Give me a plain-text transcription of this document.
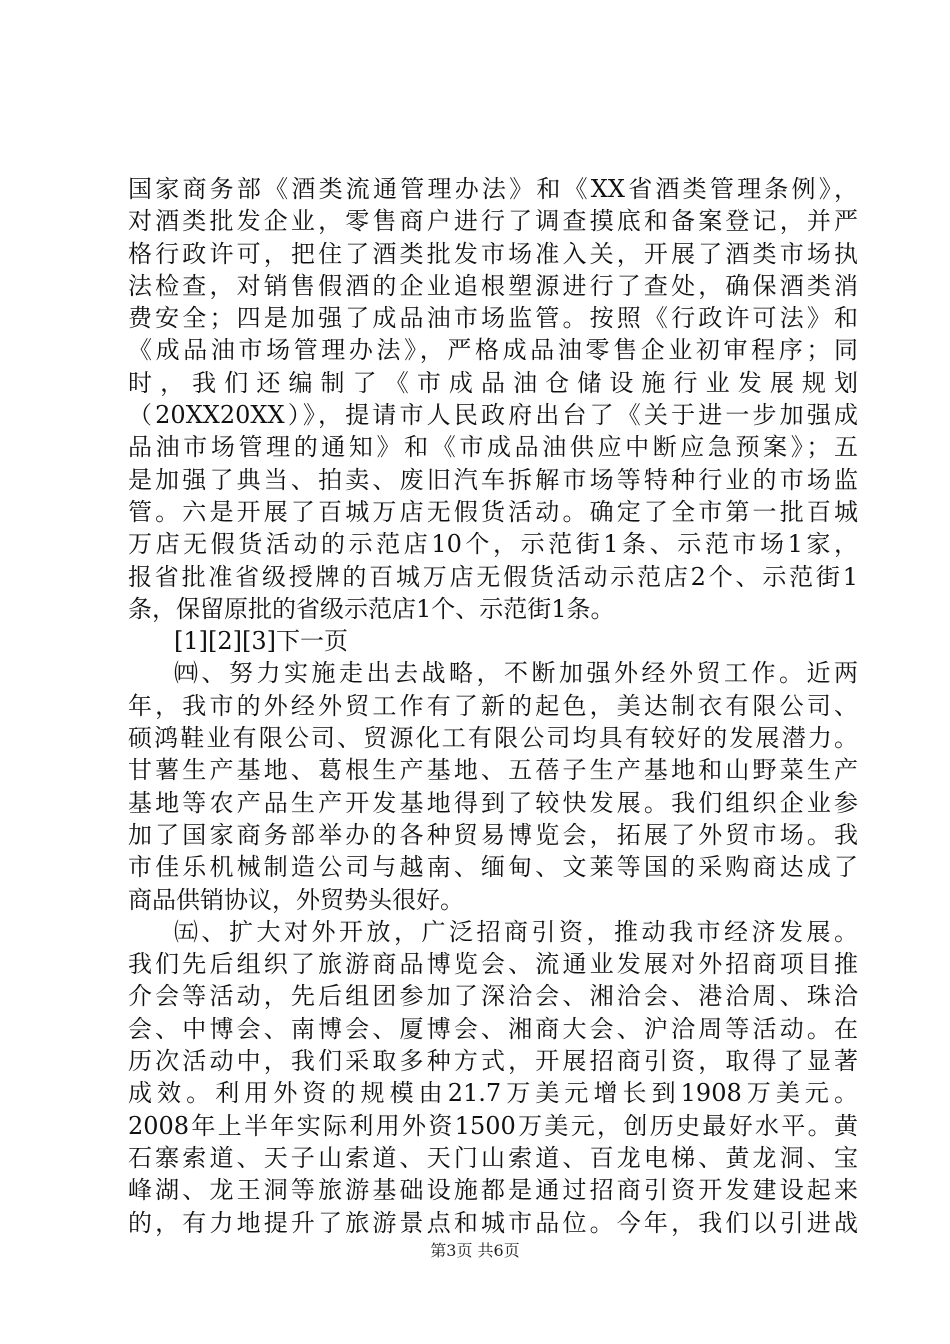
国家商务部《酒类流通管理办法》和《XX省酒类管理条例》，
对酒类批发企业，零售商户进行了调查摸底和备案登记，并严
格行政许可，把住了酒类批发市场准入关，开展了酒类市场执
法检查，对销售假酒的企业追根塑源进行了查处，确保酒类消
费安全；四是加强了成品油市场监管。按照《行政许可法》和
《成品油市场管理办法》，严格成品油零售企业初审程序；同
时，我们还编制了《市成品油仓储设施行业发展规划
（20XX20XX）》，提请市人民政府出台了《关于进一步加强成
品油市场管理的通知》和《市成品油供应中断应急预案》；五
是加强了典当、拍卖、废旧汽车拆解市场等特种行业的市场监
管。六是开展了百城万店无假货活动。确定了全市第一批百城
万店无假货活动的示范店10个，示范街1条、示范市场1家，
报省批准省级授牌的百城万店无假货活动示范店2个、示范街1
条，保留原批的省级示范店1个、示范街1条。
[1][2][3]下一页
㈣、努力实施走出去战略，不断加强外经外贸工作。近两
年，我市的外经外贸工作有了新的起色，美达制衣有限公司、
硕鸿鞋业有限公司、贸源化工有限公司均具有较好的发展潜力。
甘薯生产基地、葛根生产基地、五蓓子生产基地和山野菜生产
基地等农产品生产开发基地得到了较快发展。我们组织企业参
加了国家商务部举办的各种贸易博览会，拓展了外贸市场。我
市佳乐机械制造公司与越南、缅甸、文莱等国的采购商达成了
商品供销协议，外贸势头很好。
㈤、扩大对外开放，广泛招商引资，推动我市经济发展。
我们先后组织了旅游商品博览会、流通业发展对外招商项目推
介会等活动，先后组团参加了深洽会、湘洽会、港洽周、珠洽
会、中博会、南博会、厦博会、湘商大会、沪洽周等活动。在
历次活动中，我们采取多种方式，开展招商引资，取得了显著
成效。利用外资的规模由21.7万美元增长到1908万美元。
2008年上半年实际利用外资1500万美元，创历史最好水平。黄
石寨索道、天子山索道、天门山索道、百龙电梯、黄龙洞、宝
峰湖、龙王洞等旅游基础设施都是通过招商引资开发建设起来
的，有力地提升了旅游景点和城市品位。今年，我们以引进战
第3页 共6页
